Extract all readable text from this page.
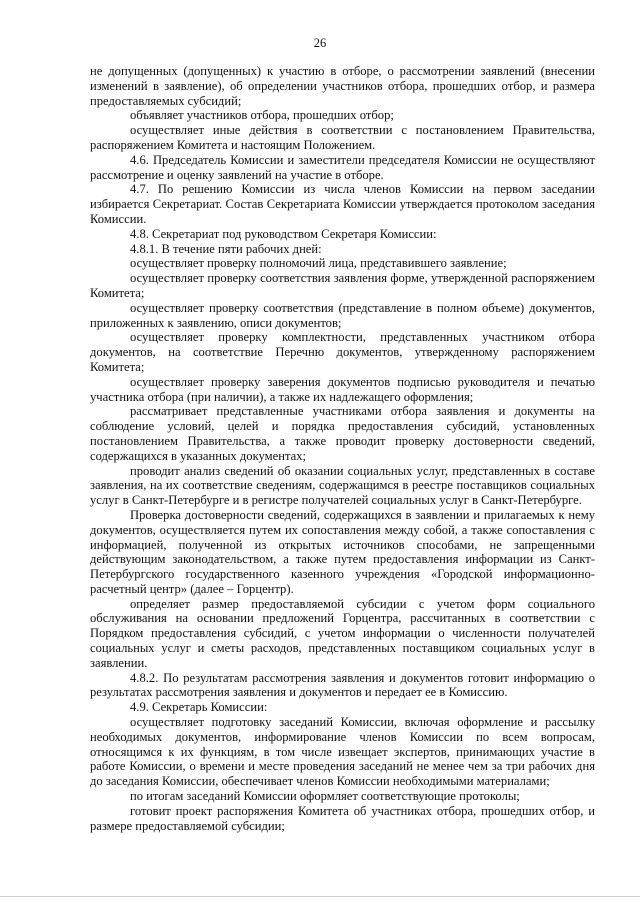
26

не допущенных (допущенных) к участию в отборе, о рассмотрении заявлений (внесении изменений в заявление), об определении участников отбора, прошедших отбор, и размера предоставляемых субсидий;

объявляет участников отбора, прошедших отбор;

осуществляет иные действия в соответствии с постановлением Правительства, распоряжением Комитета и настоящим Положением.

4.6. Председатель Комиссии и заместители председателя Комиссии не осуществляют рассмотрение и оценку заявлений на участие в отборе.

4.7. По решению Комиссии из числа членов Комиссии на первом заседании избирается Секретариат. Состав Секретариата Комиссии утверждается протоколом заседания Комиссии.

4.8. Секретариат под руководством Секретаря Комиссии:

4.8.1. В течение пяти рабочих дней:

осуществляет проверку полномочий лица, представившего заявление;

осуществляет проверку соответствия заявления форме, утвержденной распоряжением Комитета;

осуществляет проверку соответствия (представление в полном объеме) документов, приложенных к заявлению, описи документов;

осуществляет проверку комплектности, представленных участником отбора документов, на соответствие Перечню документов, утвержденному распоряжением Комитета;

осуществляет проверку заверения документов подписью руководителя и печатью участника отбора (при наличии), а также их надлежащего оформления;

рассматривает представленные участниками отбора заявления и документы на соблюдение условий, целей и порядка предоставления субсидий, установленных постановлением Правительства, а также проводит проверку достоверности сведений, содержащихся в указанных документах;

проводит анализ сведений об оказании социальных услуг, представленных в составе заявления, на их соответствие сведениям, содержащимся в реестре поставщиков социальных услуг в Санкт-Петербурге и в регистре получателей социальных услуг в Санкт-Петербурге.

Проверка достоверности сведений, содержащихся в заявлении и прилагаемых к нему документов, осуществляется путем их сопоставления между собой, а также сопоставления с информацией, полученной из открытых источников способами, не запрещенными действующим законодательством, а также путем предоставления информации из Санкт-Петербургского государственного казенного учреждения «Городской информационно-расчетный центр» (далее – Горцентр).

определяет размер предоставляемой субсидии с учетом форм социального обслуживания на основании предложений Горцентра, рассчитанных в соответствии с Порядком предоставления субсидий, с учетом информации о численности получателей социальных услуг и сметы расходов, представленных поставщиком социальных услуг в заявлении.

4.8.2. По результатам рассмотрения заявления и документов готовит информацию о результатах рассмотрения заявления и документов и передает ее в Комиссию.

4.9. Секретарь Комиссии:

осуществляет подготовку заседаний Комиссии, включая оформление и рассылку необходимых документов, информирование членов Комиссии по всем вопросам, относящимся к их функциям, в том числе извещает экспертов, принимающих участие в работе Комиссии, о времени и месте проведения заседаний не менее чем за три рабочих дня до заседания Комиссии, обеспечивает членов Комиссии необходимыми материалами;

по итогам заседаний Комиссии оформляет соответствующие протоколы;

готовит проект распоряжения Комитета об участниках отбора, прошедших отбор, и размере предоставляемой субсидии;
